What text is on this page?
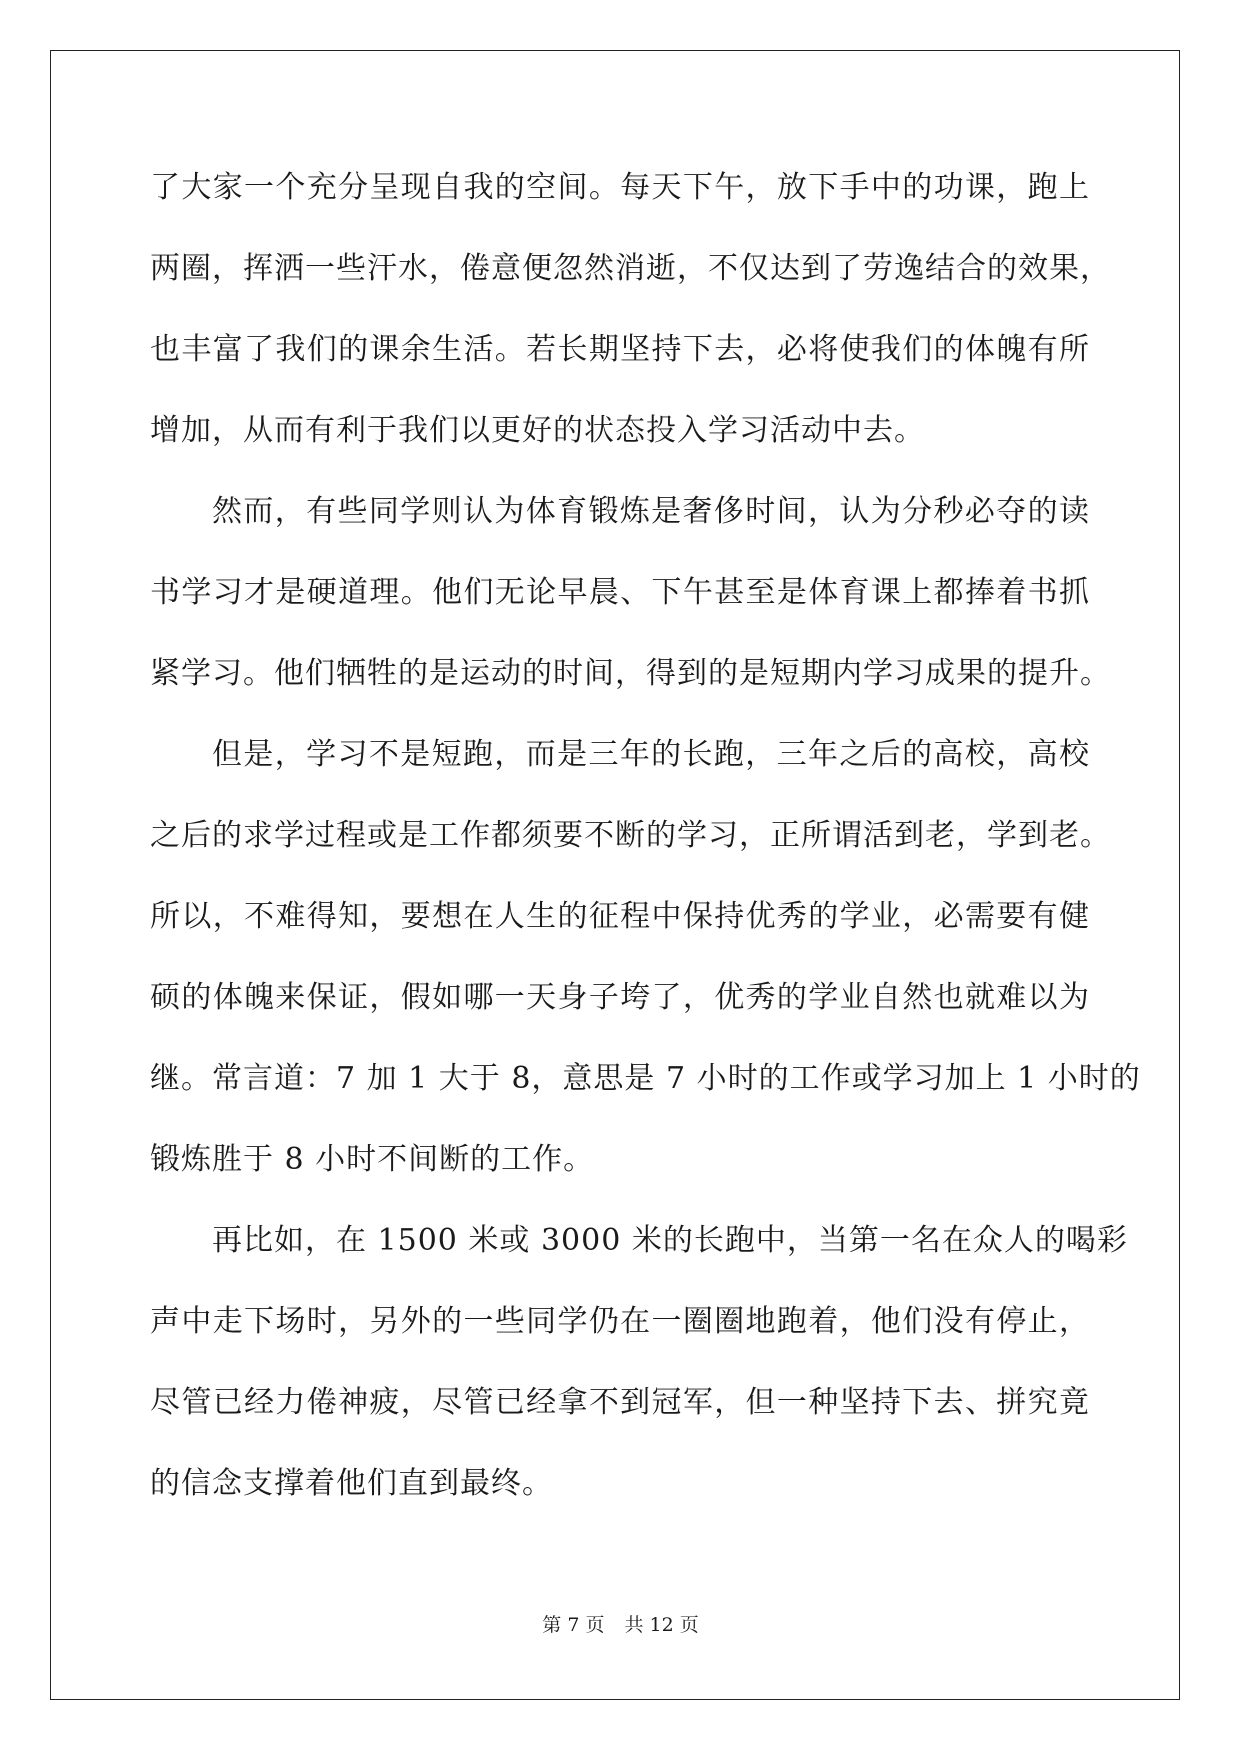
了大家一个充分呈现自我的空间。每天下午，放下手中的功课，跑上
两圈，挥洒一些汗水，倦意便忽然消逝，不仅达到了劳逸结合的效果，
也丰富了我们的课余生活。若长期坚持下去，必将使我们的体魄有所
增加，从而有利于我们以更好的状态投入学习活动中去。
然而，有些同学则认为体育锻炼是奢侈时间，认为分秒必夺的读
书学习才是硬道理。他们无论早晨、下午甚至是体育课上都捧着书抓
紧学习。他们牺牲的是运动的时间，得到的是短期内学习成果的提升。
但是，学习不是短跑，而是三年的长跑，三年之后的高校，高校
之后的求学过程或是工作都须要不断的学习，正所谓活到老，学到老。
所以，不难得知，要想在人生的征程中保持优秀的学业，必需要有健
硕的体魄来保证，假如哪一天身子垮了，优秀的学业自然也就难以为
继。常言道：7 加 1 大于 8，意思是 7 小时的工作或学习加上 1 小时的
锻炼胜于 8 小时不间断的工作。
再比如，在 1500 米或 3000 米的长跑中，当第一名在众人的喝彩
声中走下场时，另外的一些同学仍在一圈圈地跑着，他们没有停止，
尽管已经力倦神疲，尽管已经拿不到冠军，但一种坚持下去、拼究竟
的信念支撑着他们直到最终。
第 7 页 共 12 页
